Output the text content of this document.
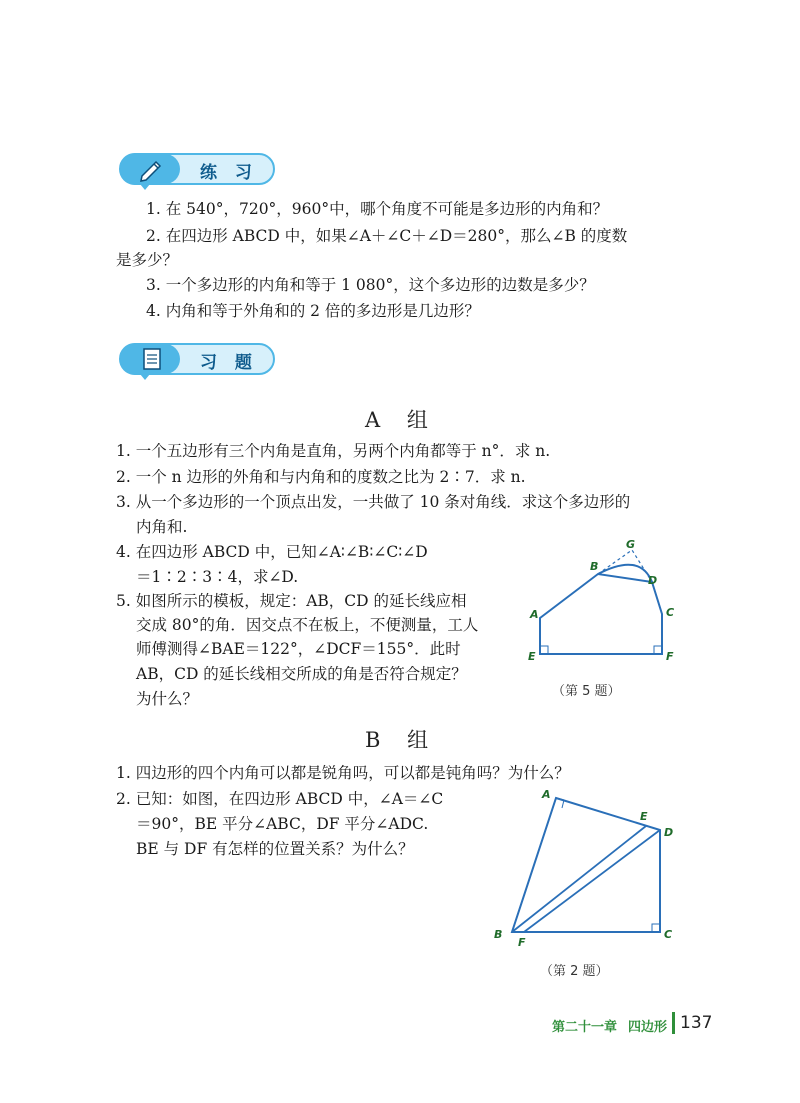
练 习
1. 在 540°，720°，960°中，哪个角度不可能是多边形的内角和？
2. 在四边形 ABCD 中，如果∠A＋∠C＋∠D＝280°，那么∠B 的度数
是多少？
3. 一个多边形的内角和等于 1 080°，这个多边形的边数是多少？
4. 内角和等于外角和的 2 倍的多边形是几边形？
习 题
A 组
1. 一个五边形有三个内角是直角，另两个内角都等于 n°．求 n.
2. 一个 n 边形的外角和与内角和的度数之比为 2∶7．求 n.
3. 从一个多边形的一个顶点出发，一共做了 10 条对角线．求这个多边形的
内角和.
4. 在四边形 ABCD 中，已知∠A∶∠B∶∠C∶∠D
＝1∶2∶3∶4，求∠D.
5. 如图所示的模板，规定：AB，CD 的延长线应相
交成 80°的角．因交点不在板上，不便测量，工人
师傅测得∠BAE＝122°，∠DCF＝155°．此时
AB，CD 的延长线相交所成的角是否符合规定？
为什么？
A
B
C
D
E	F
G
（第 5 题）
B 组
1. 四边形的四个内角可以都是锐角吗，可以都是钝角吗？为什么？
2. 已知：如图，在四边形 ABCD 中，∠A＝∠C
＝90°，BE 平分∠ABC，DF 平分∠ADC.
BE 与 DF 有怎样的位置关系？为什么？
A
B	C
D
E
F
（第 2 题）
第二十一章 四边形 137
